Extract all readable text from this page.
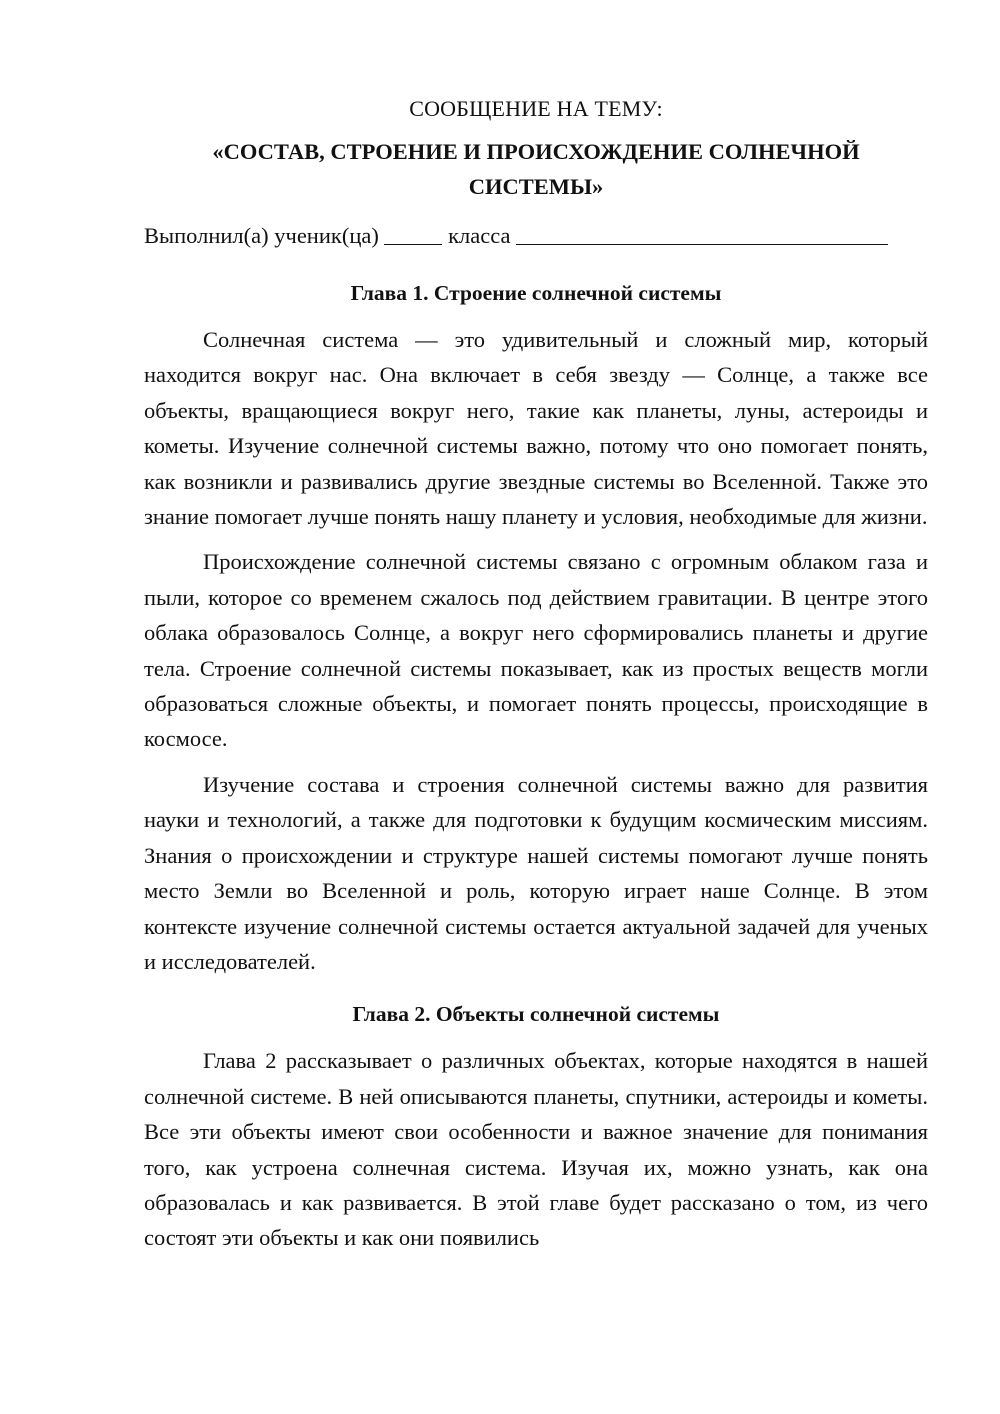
СООБЩЕНИЕ НА ТЕМУ:
«СОСТАВ, СТРОЕНИЕ И ПРОИСХОЖДЕНИЕ СОЛНЕЧНОЙ СИСТЕМЫ»
Выполнил(а) ученик(ца)	класса
Глава 1. Строение солнечной системы

Солнечная система — это удивительный и сложный мир, который находится вокруг нас. Она включает в себя звезду — Солнце, а также все объекты, вращающиеся вокруг него, такие как планеты, луны, астероиды и кометы. Изучение солнечной системы важно, потому что оно помогает понять, как возникли и развивались другие звездные системы во Вселенной. Также это знание помогает лучше понять нашу планету и условия, необходимые для жизни.

Происхождение солнечной системы связано с огромным облаком газа и пыли, которое со временем сжалось под действием гравитации. В центре этого облака образовалось Солнце, а вокруг него сформировались планеты и другие тела. Строение солнечной системы показывает, как из простых веществ могли образоваться сложные объекты, и помогает понять процессы, происходящие в космосе.

Изучение состава и строения солнечной системы важно для развития науки и технологий, а также для подготовки к будущим космическим миссиям. Знания о происхождении и структуре нашей системы помогают лучше понять место Земли во Вселенной и роль, которую играет наше Солнце. В этом контексте изучение солнечной системы остается актуальной задачей для ученых и исследователей.

Глава 2. Объекты солнечной системы

Глава 2 рассказывает о различных объектах, которые находятся в нашей солнечной системе. В ней описываются планеты, спутники, астероиды и кометы. Все эти объекты имеют свои особенности и важное значение для понимания того, как устроена солнечная система. Изучая их, можно узнать, как она образовалась и как развивается. В этой главе будет рассказано о том, из чего состоят эти объекты и как они появились
